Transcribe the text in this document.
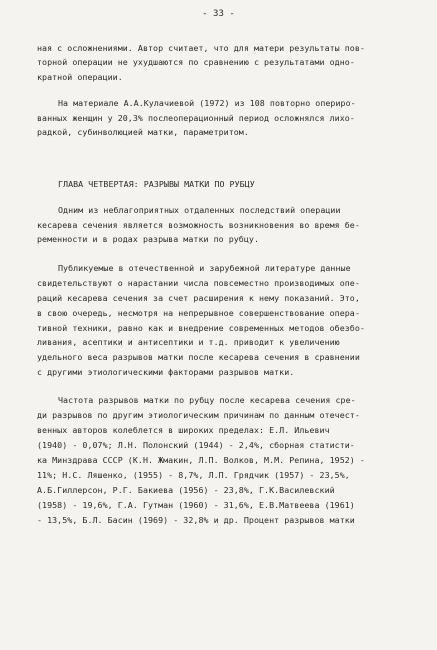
- 33 -
ная с осложнениями. Автор считает, что для матери результаты пов-
торной операции не ухудшаются по сравнению с результатами одно-
кратной операции.
На материале А.А.Кулачиевой (1972) из 108 повторно опериро-
ванных женщин у 20,3% послеоперационный период осложнялся лихо-
радкой, субинволюцией матки, параметритом.
ГЛАВА ЧЕТВЕРТАЯ: РАЗРЫВЫ МАТКИ ПО РУБЦУ
Одним из неблагоприятных отдаленных последствий операции
кесарева сечения является возможность возникновения во время бе-
ременности и в родах разрыва матки по рубцу.
Публикуемые в отечественной и зарубежной литературе данные
свидетельствуют о нарастании числа повсеместно производимых опе-
раций кесарева сечения за счет расширения к нему показаний. Это,
в свою очередь, несмотря на непрерывное совершенствование опера-
тивной техники, равно как и внедрение современных методов обезбо-
ливания, асептики и антисептики и т.д. приводит к увеличению
удельного веса разрывов матки после кесарева сечения в сравнении
с другими этиологическими факторами разрывов матки.
Частота разрывов матки по рубцу после кесарева сечения сре-
ди разрывов по другим этиологическим причинам по данным отечест-
венных авторов колеблется в широких пределах: Е.Л. Ильевич
(1940) - 0,07%; Л.Н. Полонский (1944) - 2,4%, сборная статисти-
ка Минздрава СССР (К.Н. Жмакин, Л.П. Волков, М.М. Репина, 1952) -
11%; Н.С. Ляшенко, (1955) - 8,7%, Л.П. Грядчик (1957) - 23,5%,
А.Б.Гиллерсон, Р.Г. Бакиева (1956) - 23,8%, Г.К.Василевский
(1958) - 19,6%, Г.А. Гутман (1960) - 31,6%, Е.В.Матвеева (1961)
- 13,5%, Б.Л. Басин (1969) - 32,8% и др. Процент разрывов матки
